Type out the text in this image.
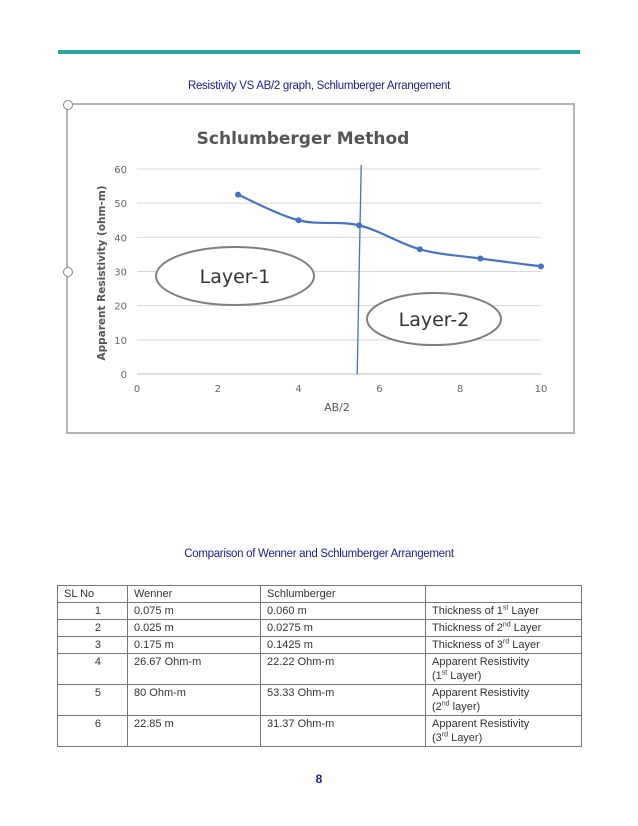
Resistivity VS AB/2 graph, Schlumberger Arrangement
Schlumberger Method
0
10
20
30
40
50
60
0	2	4	6	8	10
Apparent Resistivity (ohm-m)
AB/2
Layer-1
Layer-2
Comparison of Wenner and Schlumberger Arrangement
SL No	Wenner	Schlumberger	
1	0.075 m	0.060 m	Thickness of 1st Layer
2	0.025 m	0.0275 m	Thickness of 2nd Layer
3	0.175 m	0.1425 m	Thickness of 3rd Layer
4	26.67 Ohm-m	22.22 Ohm-m	Apparent Resistivity
(1st Layer)
5	80 Ohm-m	53.33 Ohm-m	Apparent Resistivity
(2nd layer)
6	22.85 m	31.37 Ohm-m	Apparent Resistivity
(3rd Layer)
8
